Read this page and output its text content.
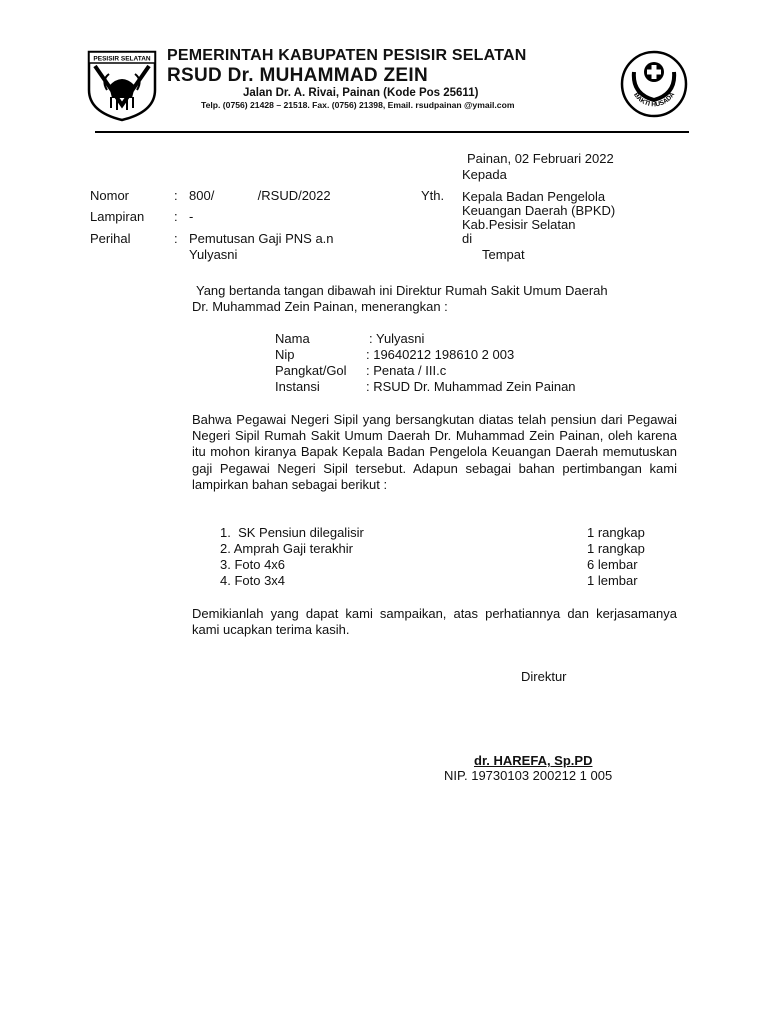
PESISIR SELATAN PEMERINTAH KABUPATEN PESISIR SELATAN
RSUD Dr. MUHAMMAD ZEIN
Jalan Dr. A. Rivai, Painan (Kode Pos 25611)
Telp. (0756) 21428 – 21518. Fax. (0756) 21398, Email. rsudpainan @ymail.com
BAKTI HUSADA
Painan, 02 Februari 2022
Kepada
Yth. Kepala Badan Pengelola
Keuangan Daerah (BPKD)
Kab.Pesisir Selatan
di
Tempat
Nomor	: 800/            /RSUD/2022
Lampiran : -
Perihal	: Pemutusan Gaji PNS a.n
Yulyasni
Yang bertanda tangan dibawah ini Direktur Rumah Sakit Umum Daerah
Dr. Muhammad Zein Painan, menerangkan :
Nama	: Yulyasni
Nip	: 19640212 198610 2 003
Pangkat/Gol : Penata / III.c
Instansi	: RSUD Dr. Muhammad Zein Painan
Bahwa Pegawai Negeri Sipil yang bersangkutan diatas telah pensiun dari Pegawai Negeri Sipil Rumah Sakit Umum Daerah Dr. Muhammad Zein Painan, oleh karena itu mohon kiranya Bapak Kepala Badan Pengelola Keuangan Daerah memutuskan gaji Pegawai Negeri Sipil tersebut. Adapun sebagai bahan pertimbangan kami lampirkan bahan sebagai berikut :
1.  SK Pensiun dilegalisir	1 rangkap
2. Amprah Gaji terakhir	1 rangkap
3. Foto 4x6	6 lembar
4. Foto 3x4	1 lembar
Demikianlah yang dapat kami sampaikan, atas perhatiannya dan kerjasamanya kami ucapkan terima kasih.
Direktur
dr. HAREFA, Sp.PD
NIP. 19730103 200212 1 005
